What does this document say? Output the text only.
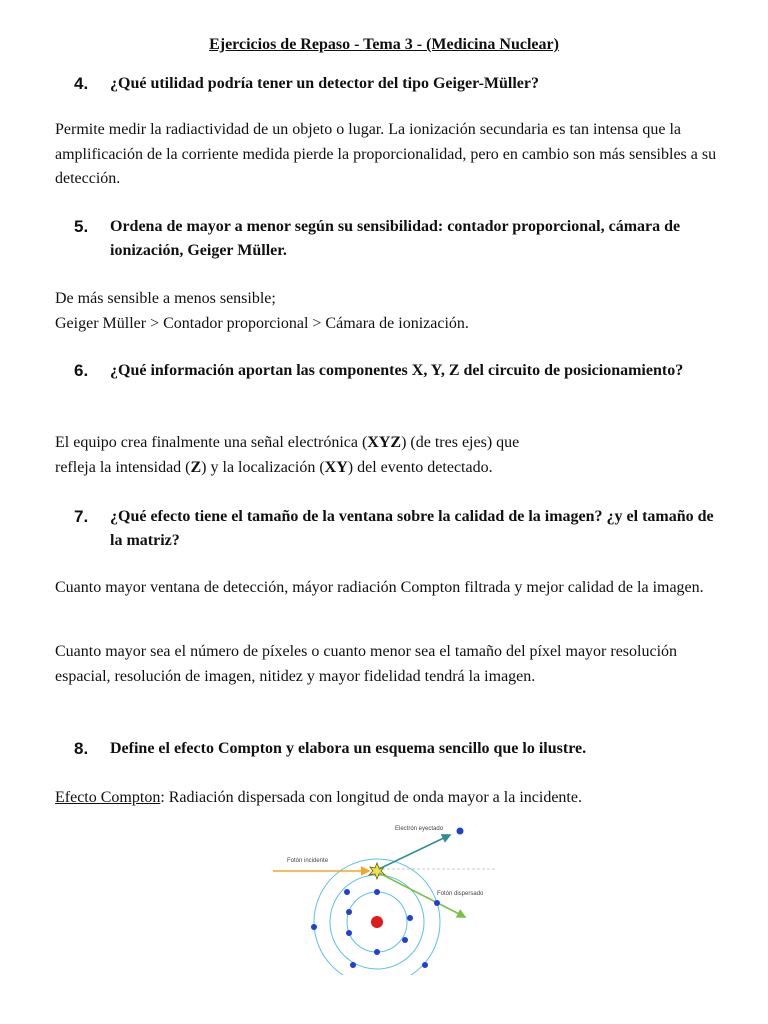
Ejercicios de Repaso - Tema 3 - (Medicina Nuclear)
4. ¿Qué utilidad podría tener un detector del tipo Geiger-Müller?
Permite medir la radiactividad de un objeto o lugar. La ionización secundaria es tan intensa que la amplificación de la corriente medida pierde la proporcionalidad, pero en cambio son más sensibles a su detección.
5. Ordena de mayor a menor según su sensibilidad: contador proporcional, cámara de ionización, Geiger Müller.
De más sensible a menos sensible;
Geiger Müller > Contador proporcional > Cámara de ionización.
6. ¿Qué información aportan las componentes X, Y, Z del circuito de posicionamiento?
El equipo crea finalmente una señal electrónica (XYZ) (de tres ejes) que
refleja la intensidad (Z) y la localización (XY) del evento detectado.
7. ¿Qué efecto tiene el tamaño de la ventana sobre la calidad de la imagen? ¿y el tamaño de la matriz?
Cuanto mayor ventana de detección, máyor radiación Compton filtrada y mejor calidad de la imagen.
Cuanto mayor sea el número de píxeles o cuanto menor sea el tamaño del píxel mayor resolución espacial, resolución de imagen, nitidez y mayor fidelidad tendrá la imagen.
8. Define el efecto Compton y elabora un esquema sencillo que lo ilustre.
Efecto Compton: Radiación dispersada con longitud de onda mayor a la incidente.
Electrón eyectado
Fotón incidente
Fotón dispersado
